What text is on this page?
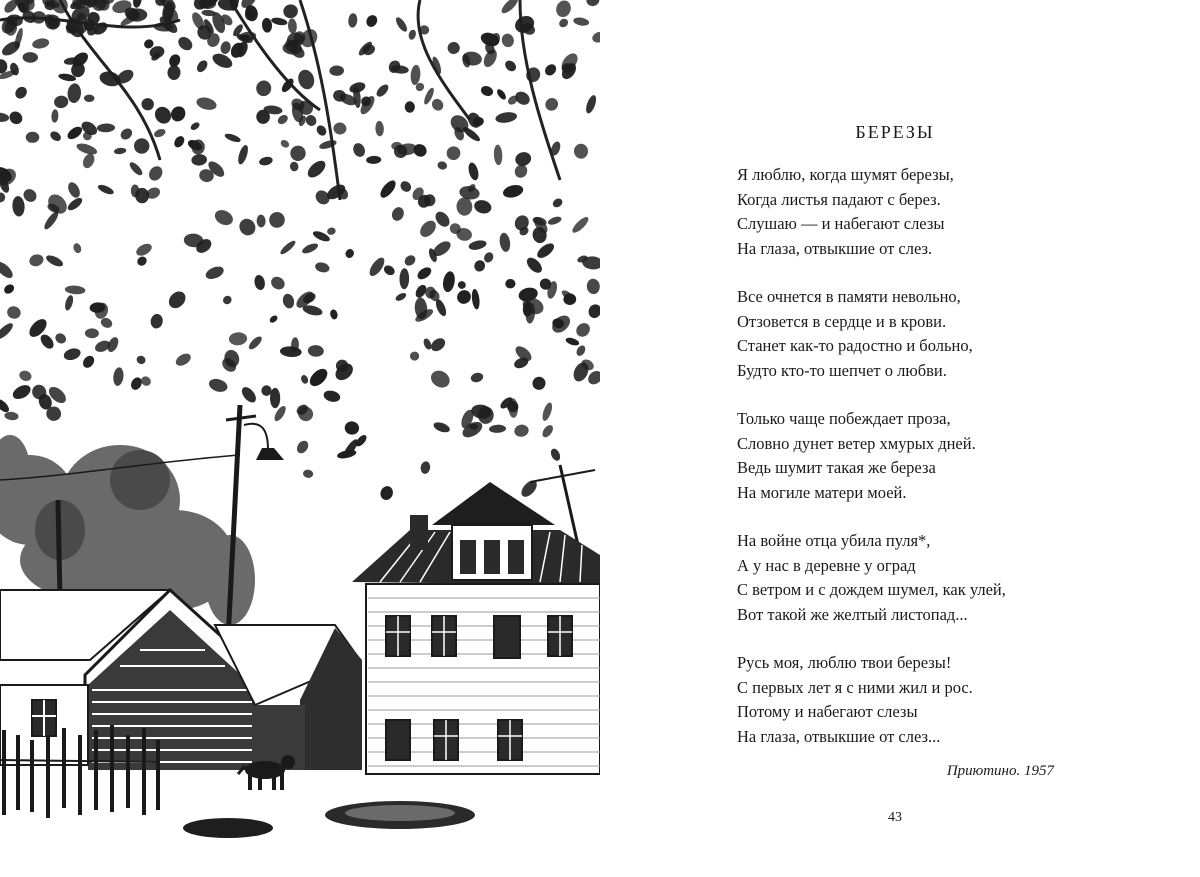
БЕРЕЗЫ
Я люблю, когда шумят березы,
Когда листья падают с берез.
Слушаю — и набегают слезы
На глаза, отвыкшие от слез.
Все очнется в памяти невольно,
Отзовется в сердце и в крови.
Станет как-то радостно и больно,
Будто кто-то шепчет о любви.
Только чаще побеждает проза,
Словно дунет ветер хмурых дней.
Ведь шумит такая же береза
На могиле матери моей.
На войне отца убила пуля*,
А у нас в деревне у оград
С ветром и с дождем шумел, как улей,
Вот такой же желтый листопад...
Русь моя, люблю твои березы!
С первых лет я с ними жил и рос.
Потому и набегают слезы
На глаза, отвыкшие от слез...
Приютино. 1957
43
